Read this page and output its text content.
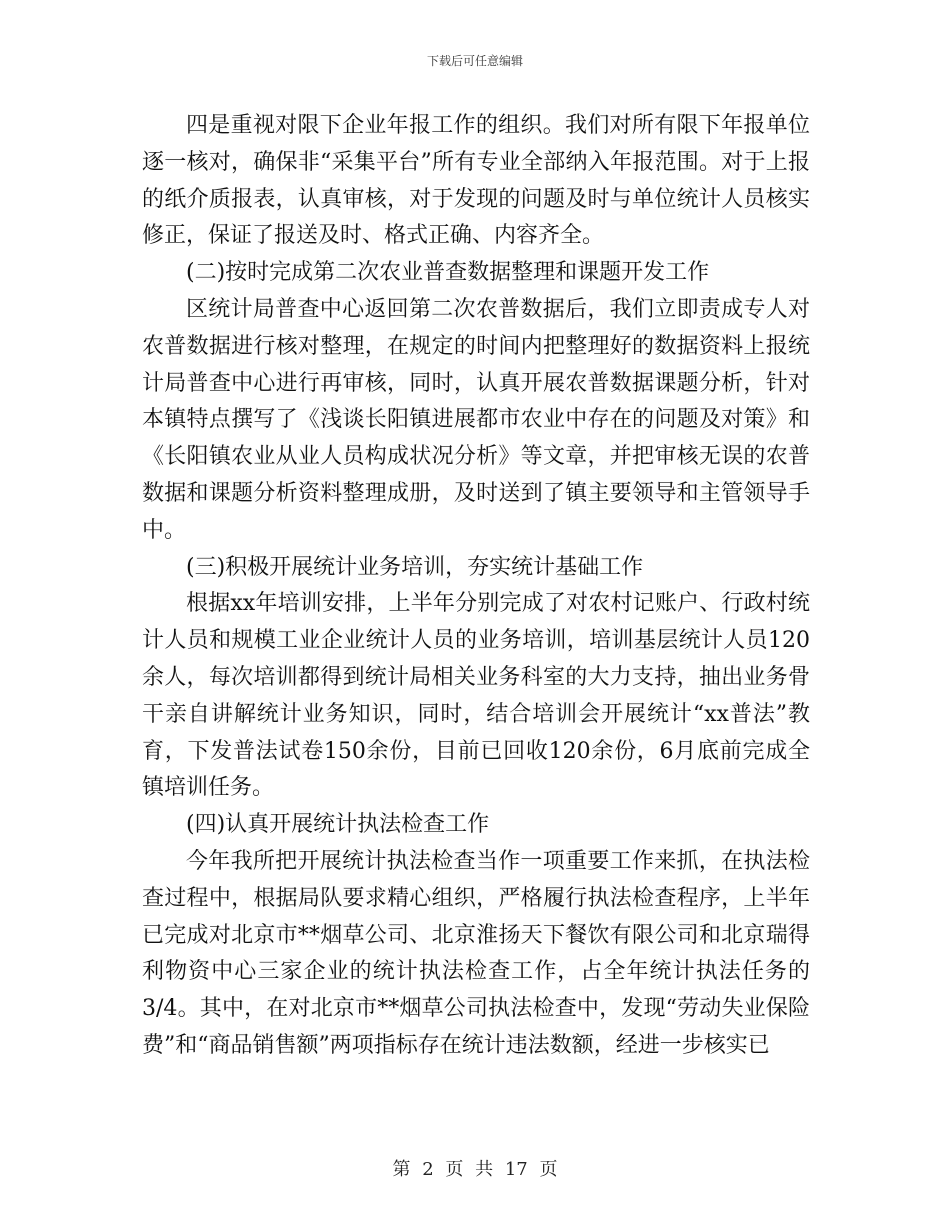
下载后可任意编辑

四是重视对限下企业年报工作的组织。我们对所有限下年报单位逐一核对，确保非“采集平台”所有专业全部纳入年报范围。对于上报的纸介质报表，认真审核，对于发现的问题及时与单位统计人员核实修正，保证了报送及时、格式正确、内容齐全。

(二)按时完成第二次农业普查数据整理和课题开发工作

区统计局普查中心返回第二次农普数据后，我们立即责成专人对农普数据进行核对整理，在规定的时间内把整理好的数据资料上报统计局普查中心进行再审核，同时，认真开展农普数据课题分析，针对本镇特点撰写了《浅谈长阳镇进展都市农业中存在的问题及对策》和《长阳镇农业从业人员构成状况分析》等文章，并把审核无误的农普数据和课题分析资料整理成册，及时送到了镇主要领导和主管领导手中。

(三)积极开展统计业务培训，夯实统计基础工作

根据xx年培训安排，上半年分别完成了对农村记账户、行政村统计人员和规模工业企业统计人员的业务培训，培训基层统计人员120余人，每次培训都得到统计局相关业务科室的大力支持，抽出业务骨干亲自讲解统计业务知识，同时，结合培训会开展统计“xx普法”教育，下发普法试卷150余份，目前已回收120余份，6月底前完成全镇培训任务。

(四)认真开展统计执法检查工作

今年我所把开展统计执法检查当作一项重要工作来抓，在执法检查过程中，根据局队要求精心组织，严格履行执法检查程序，上半年已完成对北京市**烟草公司、北京淮扬天下餐饮有限公司和北京瑞得利物资中心三家企业的统计执法检查工作，占全年统计执法任务的3/4。其中，在对北京市**烟草公司执法检查中，发现“劳动失业保险费”和“商品销售额”两项指标存在统计违法数额，经进一步核实已

第 2 页 共 17 页
